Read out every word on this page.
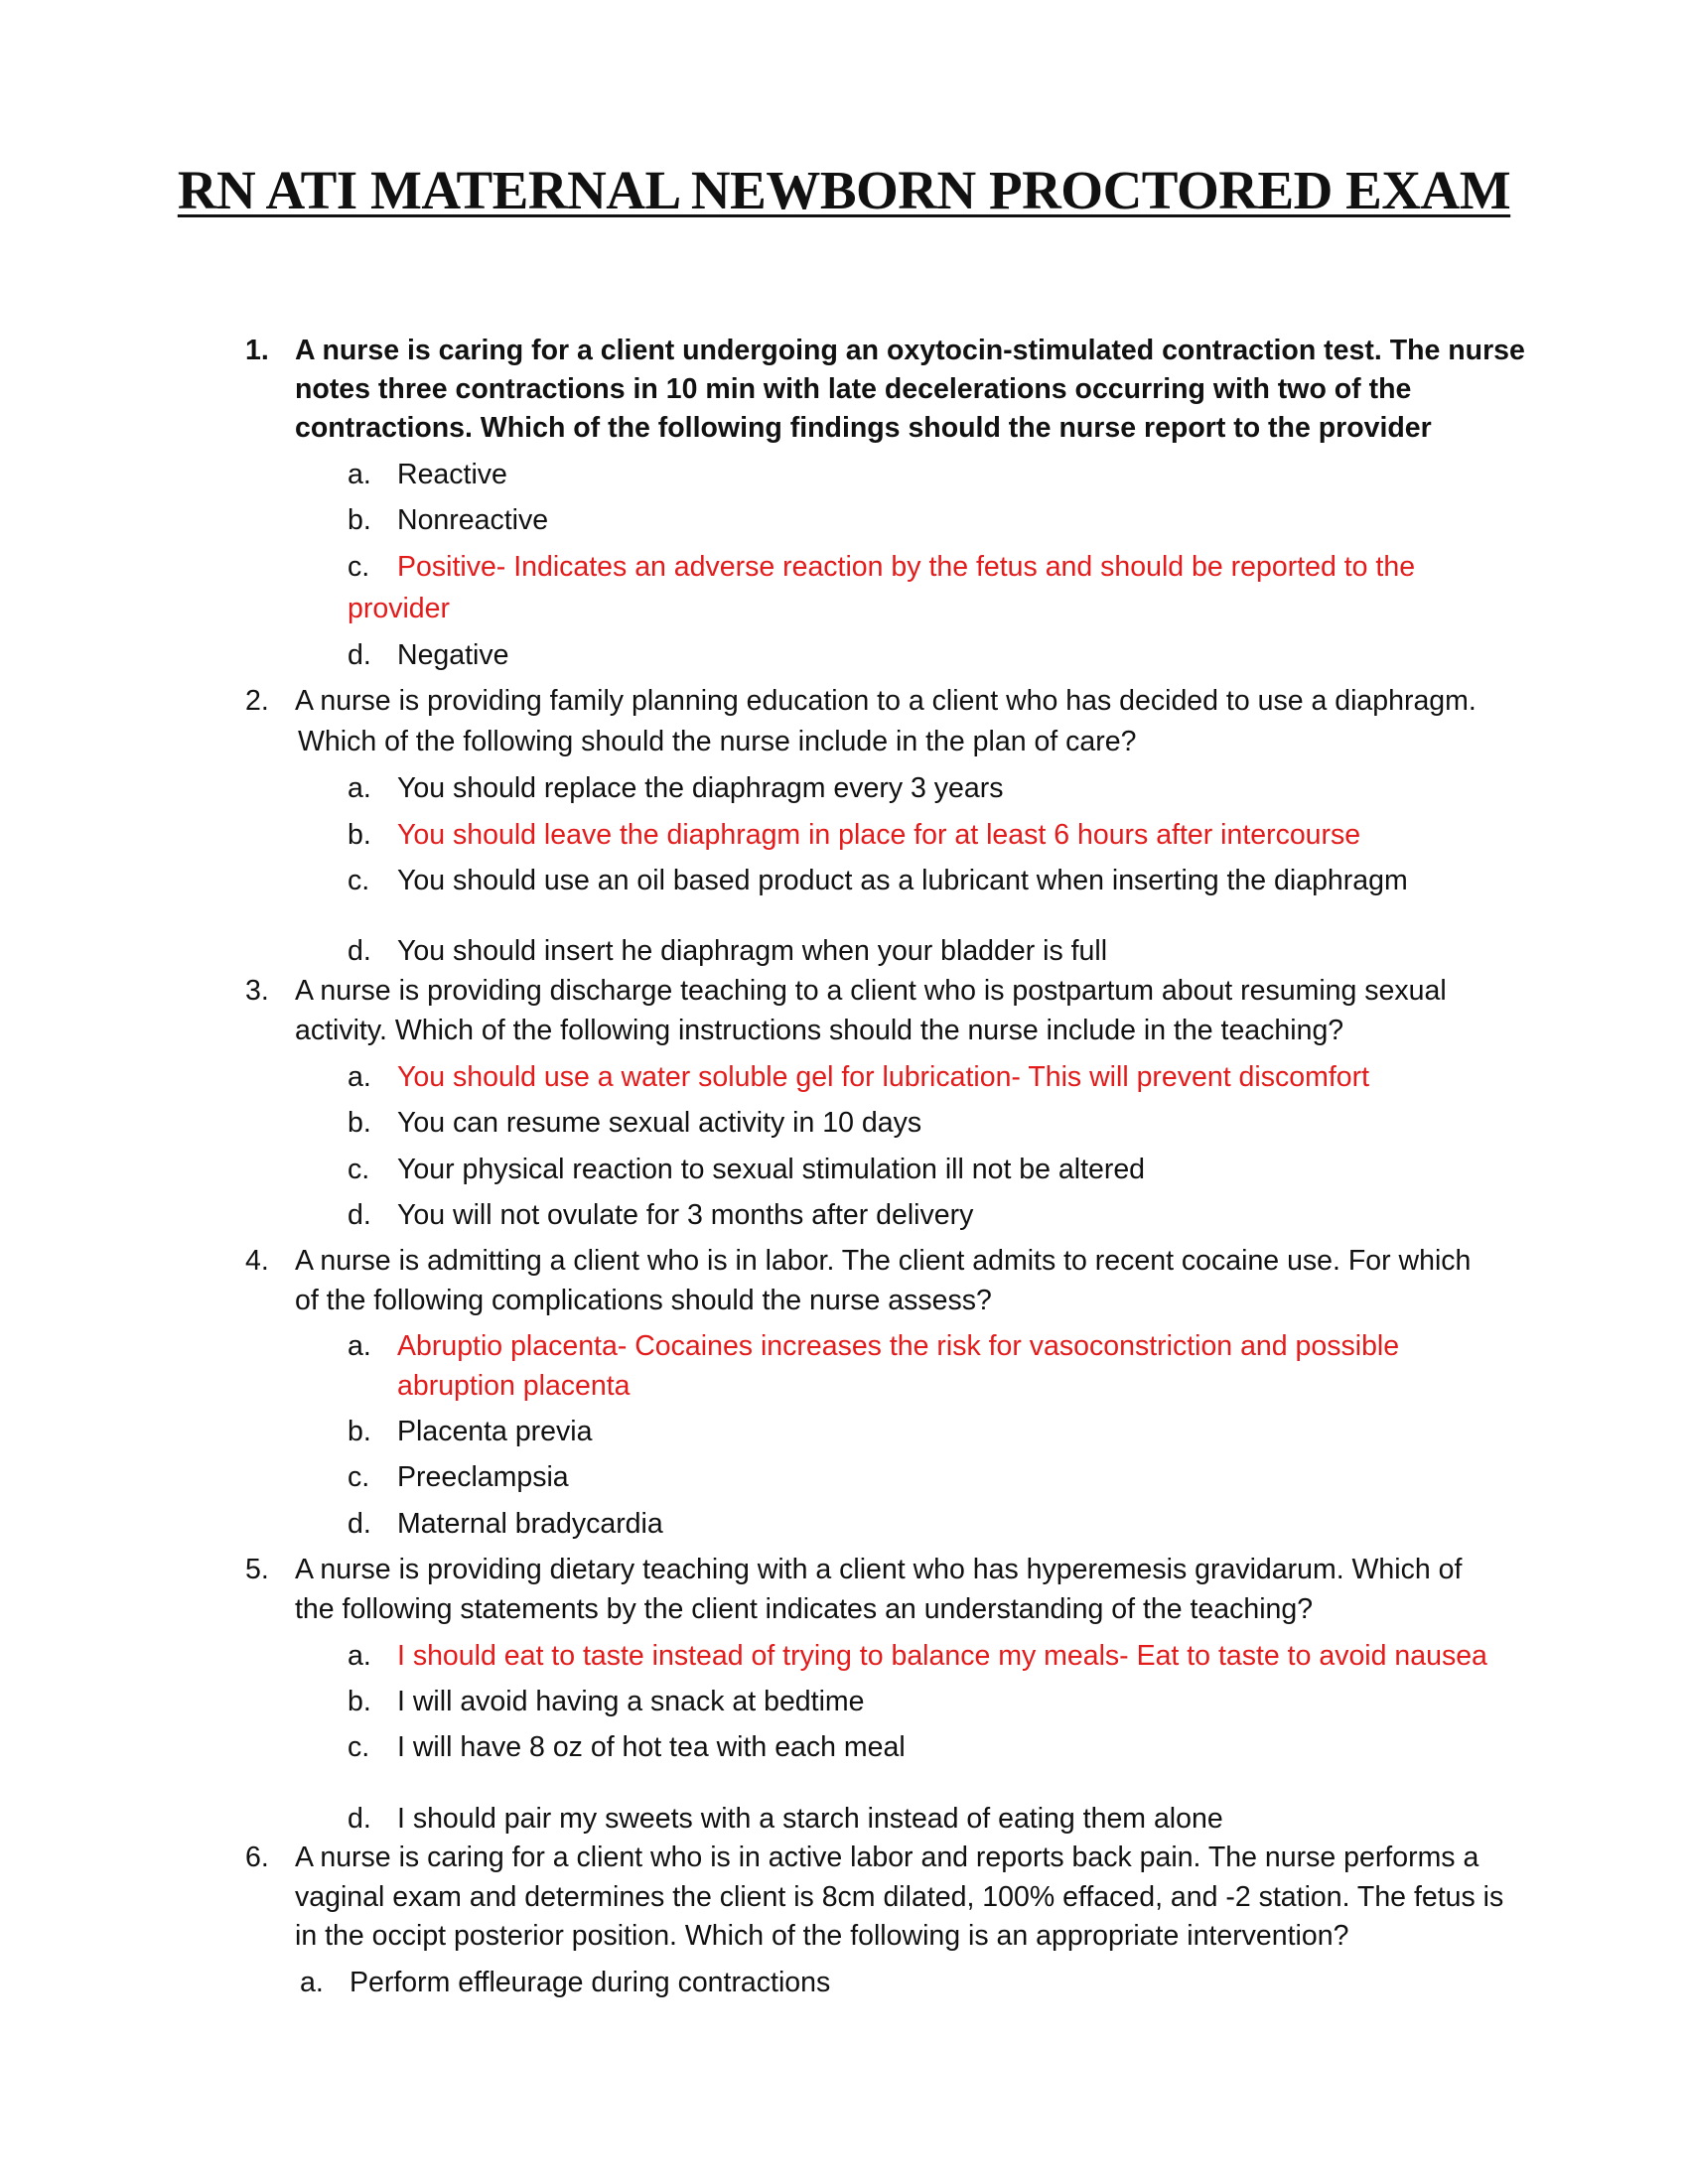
RN ATI MATERNAL NEWBORN PROCTORED EXAM
1. A nurse is caring for a client undergoing an oxytocin-stimulated contraction test. The nurse
notes three contractions in 10 min with late decelerations occurring with two of the
contractions. Which of the following findings should the nurse report to the provider
a. Reactive
b. Nonreactive
c. Positive- Indicates an adverse reaction by the fetus and should be reported to the
provider
d. Negative
2. A nurse is providing family planning education to a client who has decided to use a diaphragm.
Which of the following should the nurse include in the plan of care?
a. You should replace the diaphragm every 3 years
b. You should leave the diaphragm in place for at least 6 hours after intercourse
c. You should use an oil based product as a lubricant when inserting the diaphragm
d. You should insert he diaphragm when your bladder is full
3. A nurse is providing discharge teaching to a client who is postpartum about resuming sexual
activity. Which of the following instructions should the nurse include in the teaching?
a. You should use a water soluble gel for lubrication- This will prevent discomfort
b. You can resume sexual activity in 10 days
c. Your physical reaction to sexual stimulation ill not be altered
d. You will not ovulate for 3 months after delivery
4. A nurse is admitting a client who is in labor. The client admits to recent cocaine use. For which
of the following complications should the nurse assess?
a. Abruptio placenta- Cocaines increases the risk for vasoconstriction and possible
abruption placenta
b. Placenta previa
c. Preeclampsia
d. Maternal bradycardia
5. A nurse is providing dietary teaching with a client who has hyperemesis gravidarum. Which of
the following statements by the client indicates an understanding of the teaching?
a. I should eat to taste instead of trying to balance my meals- Eat to taste to avoid nausea
b. I will avoid having a snack at bedtime
c. I will have 8 oz of hot tea with each meal
d. I should pair my sweets with a starch instead of eating them alone
6. A nurse is caring for a client who is in active labor and reports back pain. The nurse performs a
vaginal exam and determines the client is 8cm dilated, 100% effaced, and -2 station. The fetus is
in the occipt posterior position. Which of the following is an appropriate intervention?
a. Perform effleurage during contractions
